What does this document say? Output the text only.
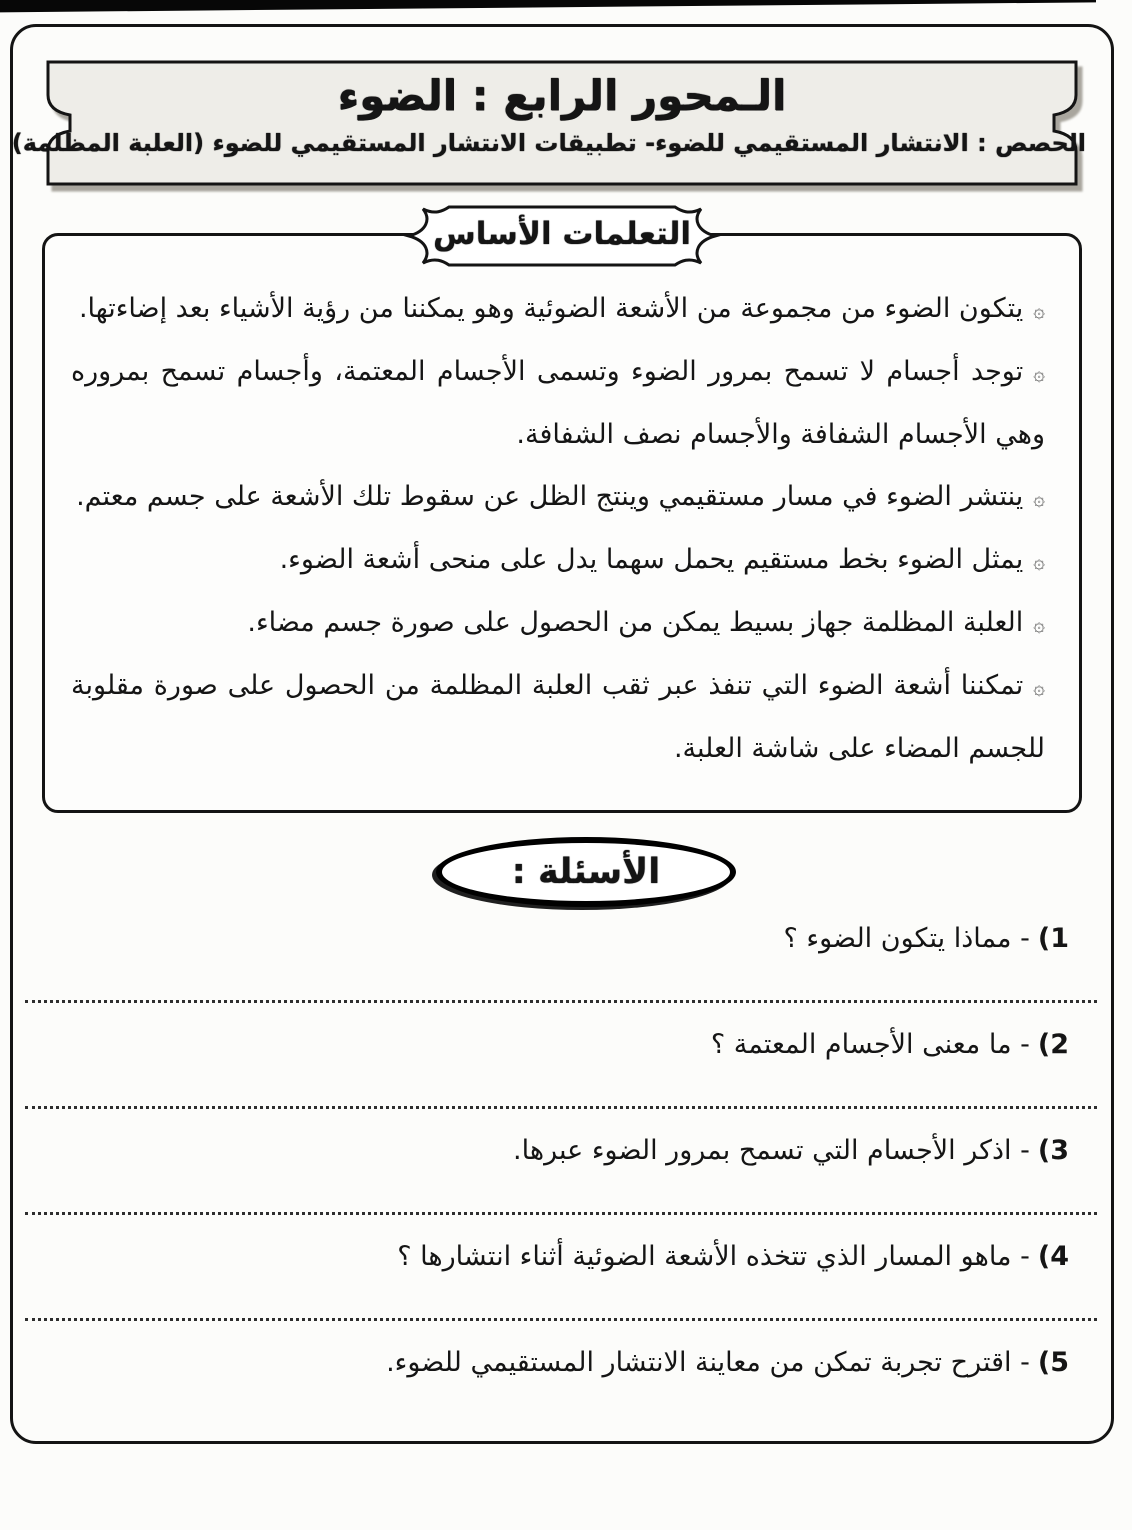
الـمحور الرابع : الضوء
الحصص : الانتشار المستقيمي للضوء- تطبيقات الانتشار المستقيمي للضوء (العلبة المظلمة)
التعلمات الأساس

۞يتكون الضوء من مجموعة من الأشعة الضوئية وهو يمكننا من رؤية الأشياء بعد إضاءتها.

۞توجد أجسام لا تسمح بمرور الضوء وتسمى الأجسام المعتمة، وأجسام تسمح بمروره وهي الأجسام الشفافة والأجسام نصف الشفافة.

۞ينتشر الضوء في مسار مستقيمي وينتج الظل عن سقوط تلك الأشعة على جسم معتم.

۞يمثل الضوء بخط مستقيم يحمل سهما يدل على منحى أشعة الضوء.

۞العلبة المظلمة جهاز بسيط يمكن من الحصول على صورة جسم مضاء.

۞تمكننا أشعة الضوء التي تنفذ عبر ثقب العلبة المظلمة من الحصول على صورة مقلوبة للجسم المضاء على شاشة العلبة.

الأسئلة :

1)- مماذا يتكون الضوء ؟

2)- ما معنى الأجسام المعتمة ؟

3)- اذكر الأجسام التي تسمح بمرور الضوء عبرها.

4)- ماهو المسار الذي تتخذه الأشعة الضوئية أثناء انتشارها ؟

5)- اقترح تجربة تمكن من معاينة الانتشار المستقيمي للضوء.
